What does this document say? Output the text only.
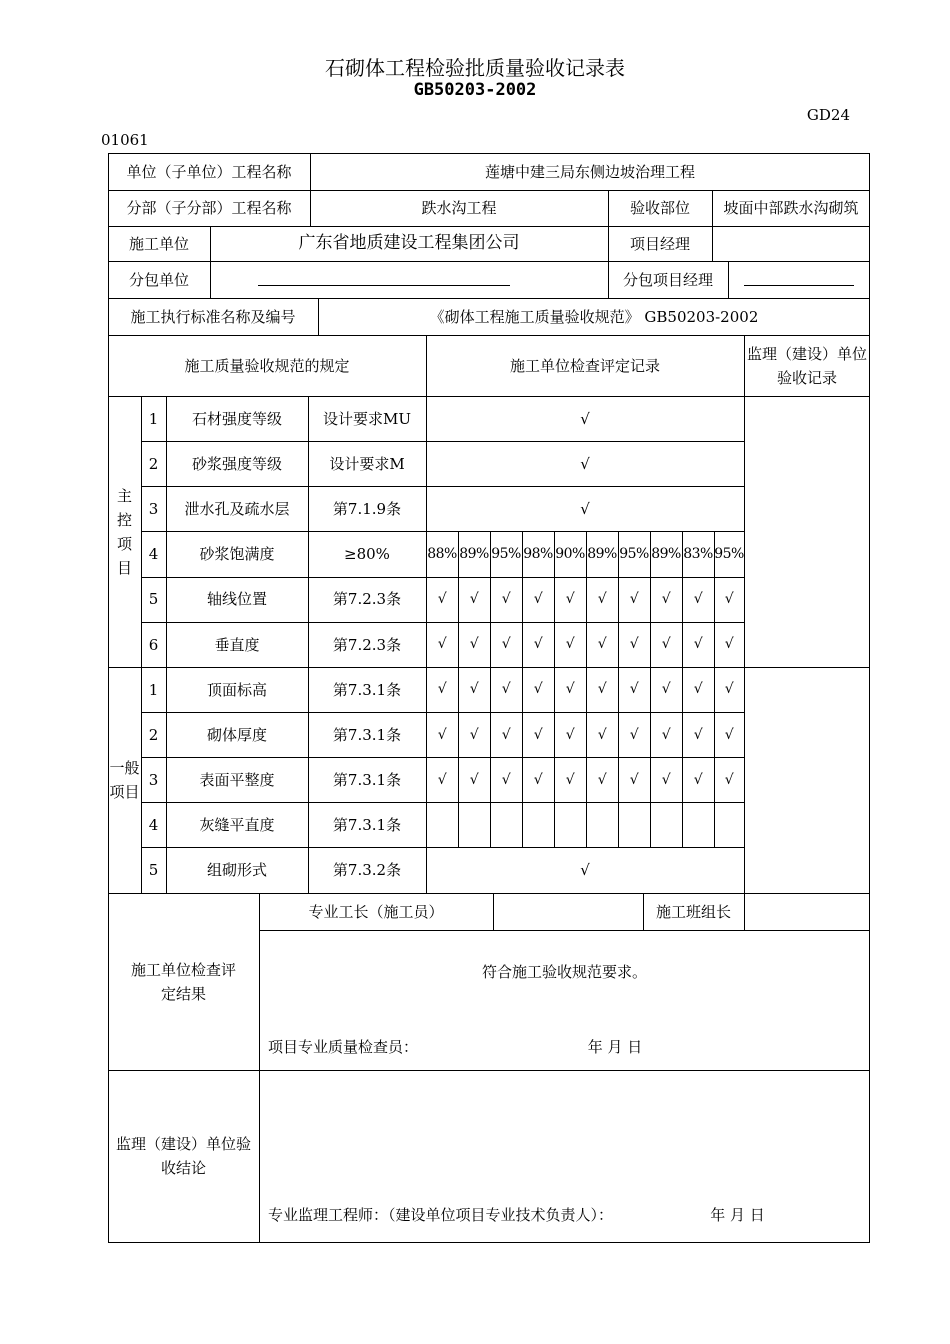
石砌体工程检验批质量验收记录表
GB50203-2002
GD24
01061
单位（子单位）工程名称	莲塘中建三局东侧边坡治理工程
分部（子分部）工程名称	跌水沟工程	验收部位	坡面中部跌水沟砌筑
施工单位	广东省地质建设工程集团公司	项目经理
分包单位	分包项目经理
施工执行标准名称及编号	《砌体工程施工质量验收规范》 GB50203-2002
施工质量验收规范的规定	施工单位检查评定记录
监理（建设）单位验收记录
主控项目
一般项目
1	石材强度等级	设计要求MU	√
2	砂浆强度等级	设计要求M	√
3	泄水孔及疏水层	第7.1.9条	√
4	砂浆饱满度	≥80%	88% 89% 95% 98% 90% 89% 95% 89% 83% 95%
5	轴线位置	第7.2.3条	√	√	√	√	√	√	√	√	√	√
6	垂直度	第7.2.3条	√	√	√	√	√	√	√	√	√	√
1	顶面标高	第7.3.1条	√	√	√	√	√	√	√	√	√	√
2	砌体厚度	第7.3.1条	√	√	√	√	√	√	√	√	√	√
3	表面平整度	第7.3.1条	√	√	√	√	√	√	√	√	√	√
4	灰缝平直度	第7.3.1条
5	组砌形式	第7.3.2条	√
施工单位检查评定结果
专业工长（施工员）	施工班组长
符合施工验收规范要求。
项目专业质量检查员：	年 月 日
监理（建设）单位验收结论
专业监理工程师：（建设单位项目专业技术负责人）：	年 月 日
